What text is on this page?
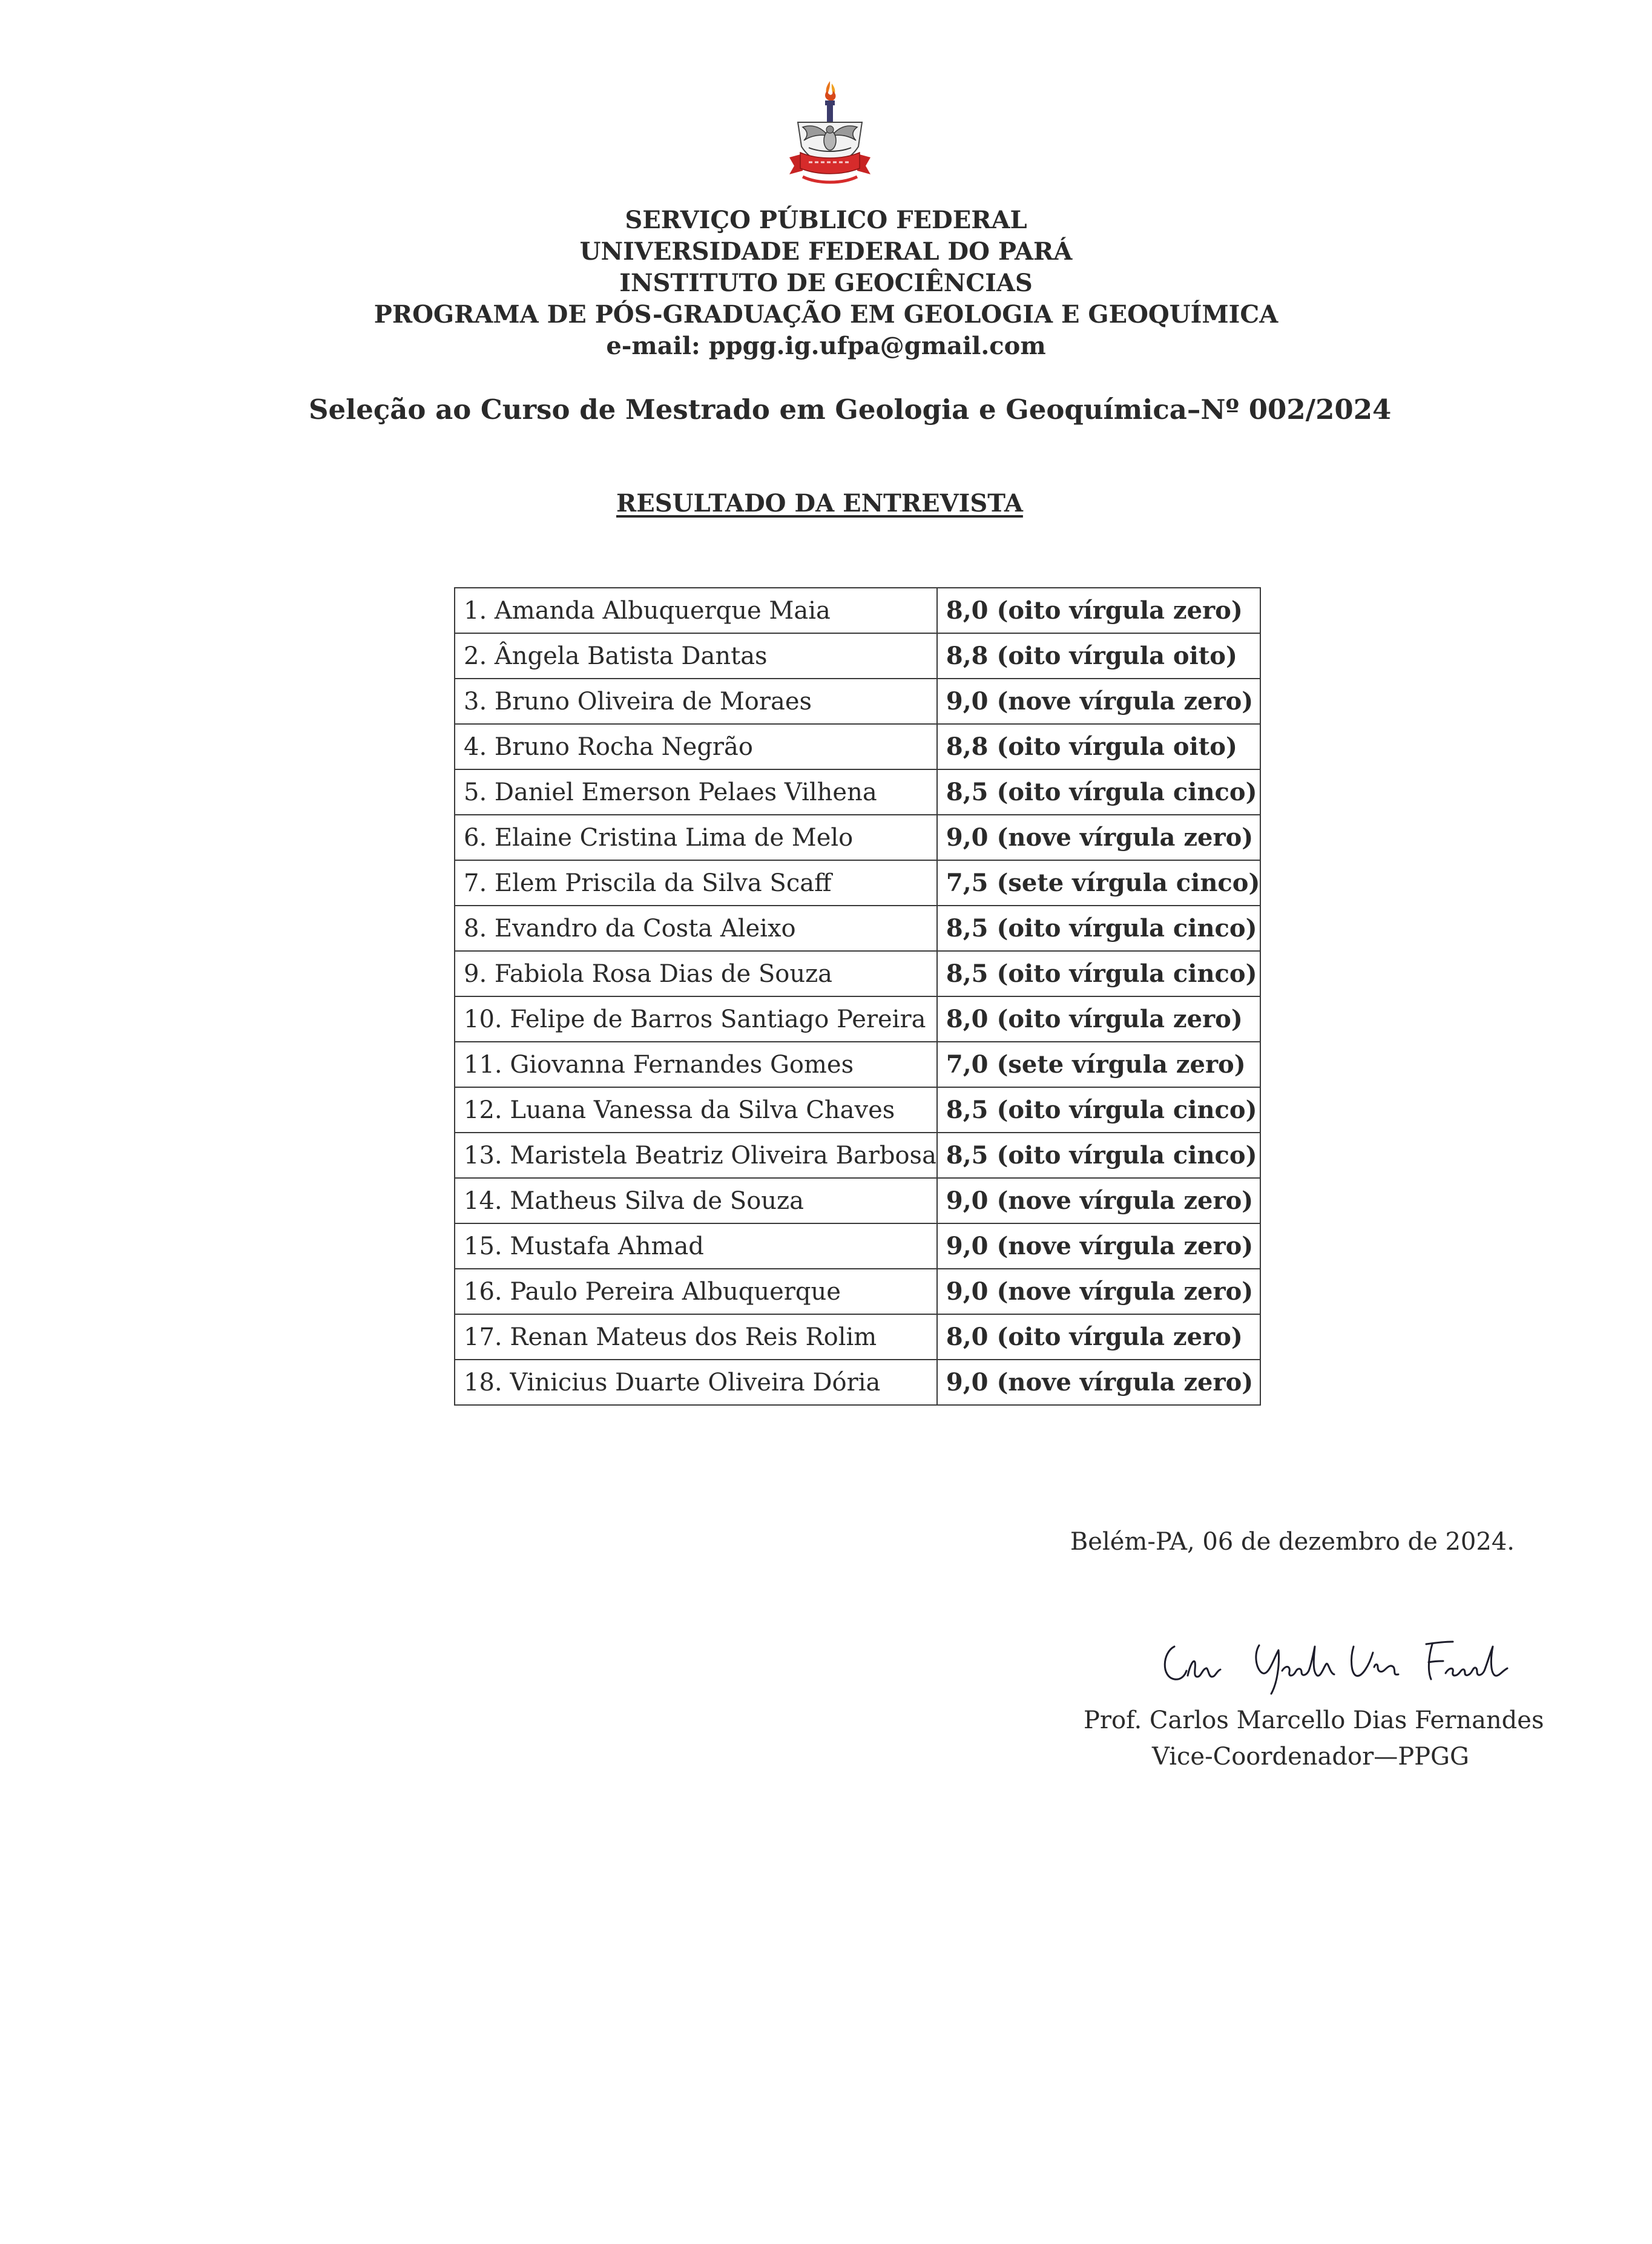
SERVIÇO PÚBLICO FEDERAL
UNIVERSIDADE FEDERAL DO PARÁ
INSTITUTO DE GEOCIÊNCIAS
PROGRAMA DE PÓS-GRADUAÇÃO EM GEOLOGIA E GEOQUÍMICA
e-mail: ppgg.ig.ufpa@gmail.com
Seleção ao Curso de Mestrado em Geologia e Geoquímica–Nº 002/2024
RESULTADO DA ENTREVISTA
1. Amanda Albuquerque Maia	8,0 (oito vírgula zero)
2. Ângela Batista Dantas	8,8 (oito vírgula oito)
3. Bruno Oliveira de Moraes	9,0 (nove vírgula zero)
4. Bruno Rocha Negrão	8,8 (oito vírgula oito)
5. Daniel Emerson Pelaes Vilhena	8,5 (oito vírgula cinco)
6. Elaine Cristina Lima de Melo	9,0 (nove vírgula zero)
7. Elem Priscila da Silva Scaff	7,5 (sete vírgula cinco)
8. Evandro da Costa Aleixo	8,5 (oito vírgula cinco)
9. Fabiola Rosa Dias de Souza	8,5 (oito vírgula cinco)
10. Felipe de Barros Santiago Pereira	8,0 (oito vírgula zero)
11. Giovanna Fernandes Gomes	7,0 (sete vírgula zero)
12. Luana Vanessa da Silva Chaves	8,5 (oito vírgula cinco)
13. Maristela Beatriz Oliveira Barbosa	8,5 (oito vírgula cinco)
14. Matheus Silva de Souza	9,0 (nove vírgula zero)
15. Mustafa Ahmad	9,0 (nove vírgula zero)
16. Paulo Pereira Albuquerque	9,0 (nove vírgula zero)
17. Renan Mateus dos Reis Rolim	8,0 (oito vírgula zero)
18. Vinicius Duarte Oliveira Dória	9,0 (nove vírgula zero)
Belém-PA, 06 de dezembro de 2024.
Prof. Carlos Marcello Dias Fernandes
Vice-Coordenador—PPGG
